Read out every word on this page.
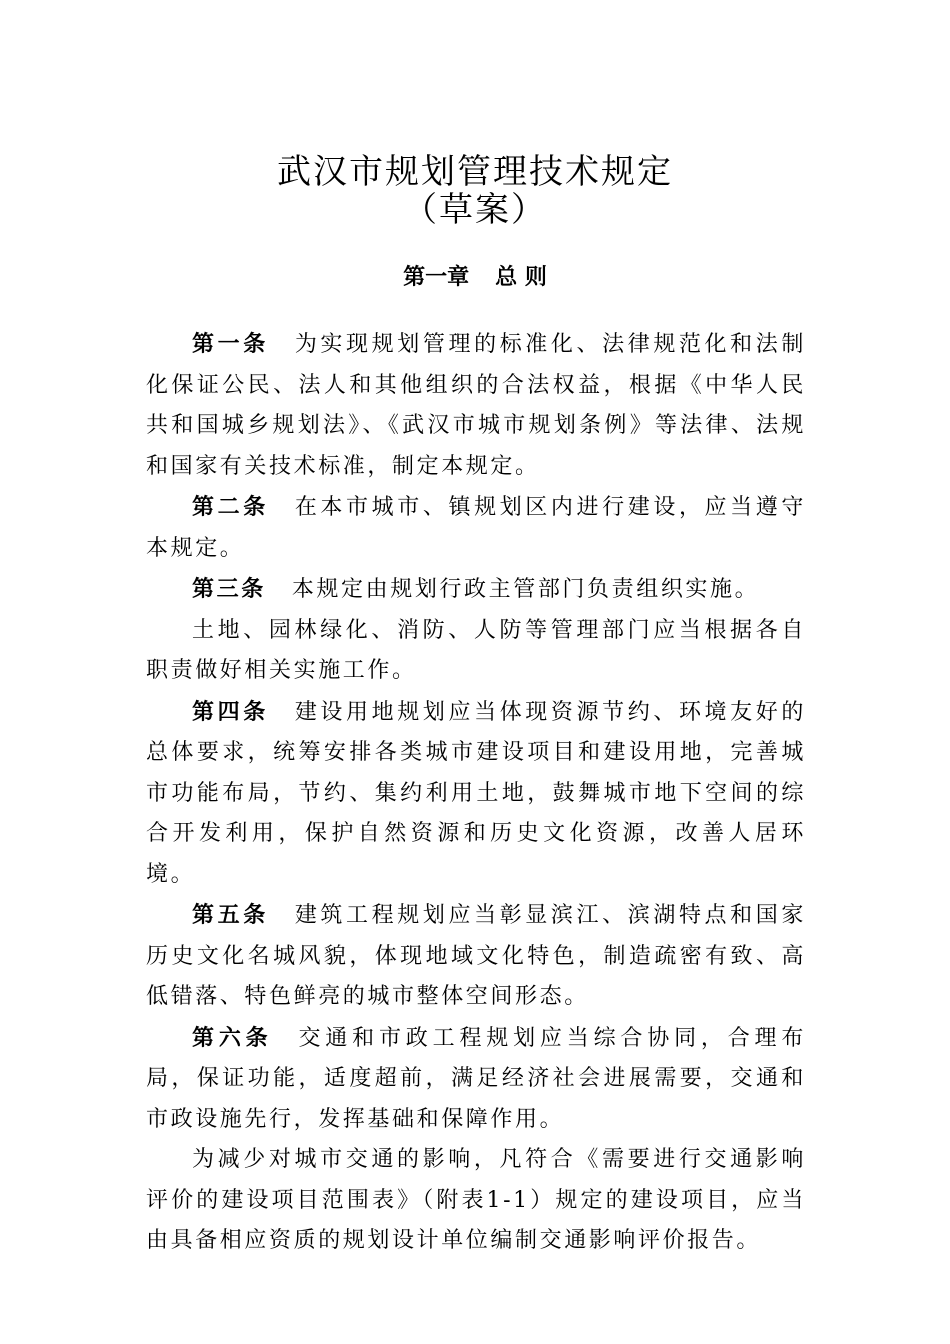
武汉市规划管理技术规定
（草案）
第一章 总 则

第一条 为实现规划管理的标准化、法律规范化和法制化保证公民、法人和其他组织的合法权益，根据《中华人民共和国城乡规划法》、《武汉市城市规划条例》等法律、法规和国家有关技术标准，制定本规定。

第二条 在本市城市、镇规划区内进行建设，应当遵守本规定。

第三条 本规定由规划行政主管部门负责组织实施。

土地、园林绿化、消防、人防等管理部门应当根据各自职责做好相关实施工作。

第四条 建设用地规划应当体现资源节约、环境友好的总体要求，统筹安排各类城市建设项目和建设用地，完善城市功能布局，节约、集约利用土地，鼓舞城市地下空间的综合开发利用，保护自然资源和历史文化资源，改善人居环境。

第五条 建筑工程规划应当彰显滨江、滨湖特点和国家历史文化名城风貌，体现地域文化特色，制造疏密有致、高低错落、特色鲜亮的城市整体空间形态。

第六条 交通和市政工程规划应当综合协同，合理布局，保证功能，适度超前，满足经济社会进展需要，交通和市政设施先行，发挥基础和保障作用。

为减少对城市交通的影响，凡符合《需要进行交通影响评价的建设项目范围表》（附表1-1）规定的建设项目，应当由具备相应资质的规划设计单位编制交通影响评价报告。
